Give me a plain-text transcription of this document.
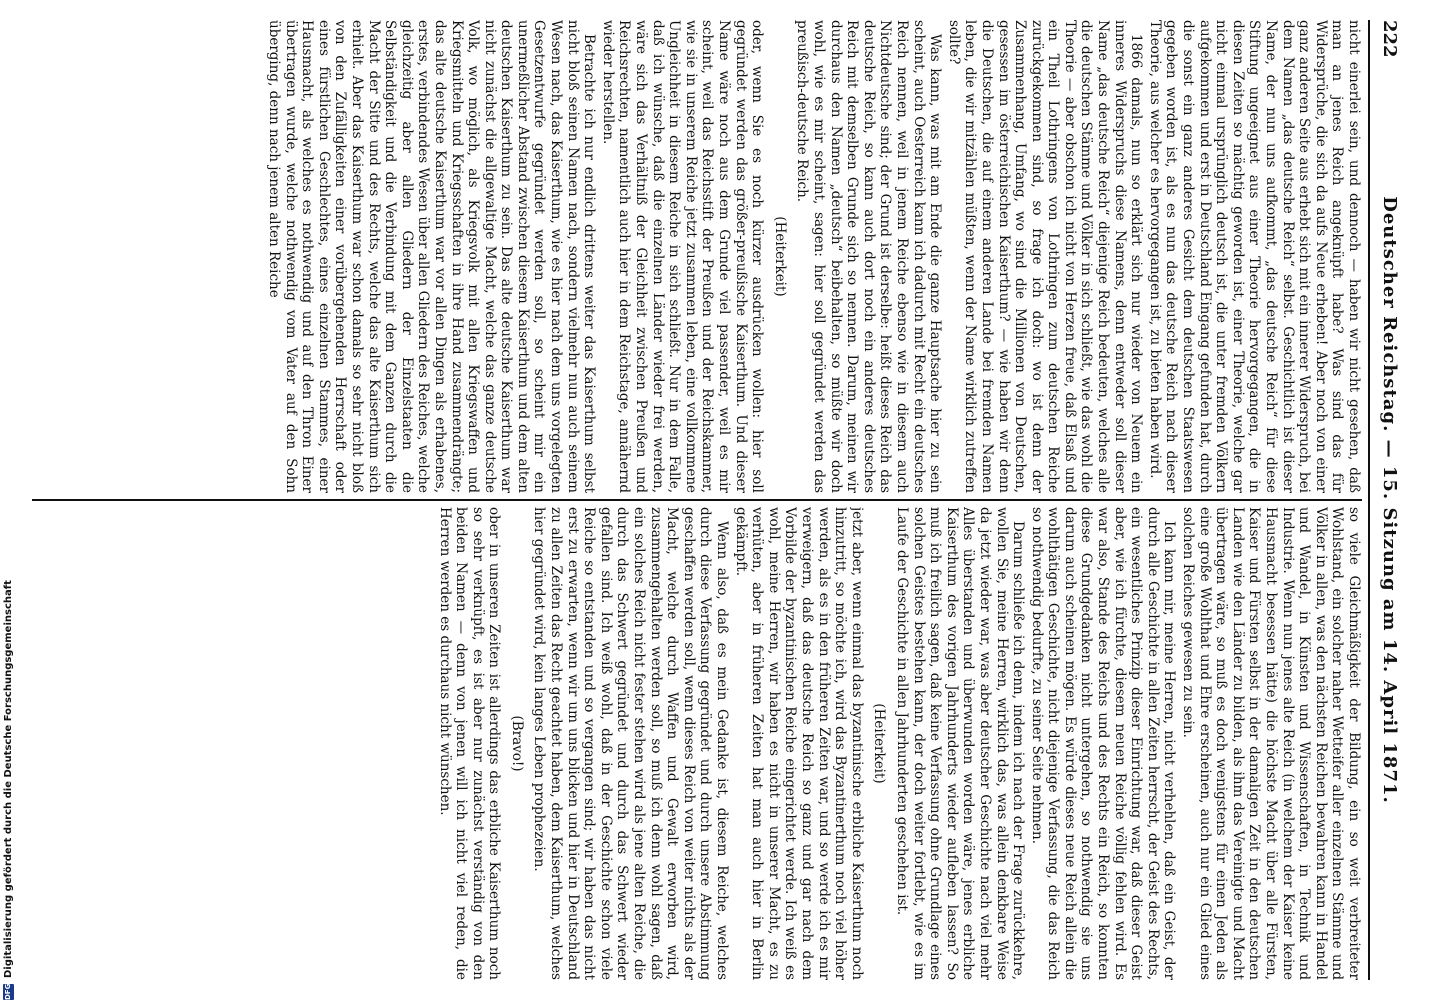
222
Deutscher Reichstag. — 15. Sitzung am 14. April 1871.

nicht einerlei sein, und dennoch — haben wir nicht gesehen, daß man an jenes Reich angeknüpft habe? Was sind das für Widersprüche, die sich da aufs Neue erheben! Aber noch von einer ganz anderen Seite aus erhebt sich mit ein innerer Widerspruch, bei dem Namen „das deutsche Reich“ selbst. Geschichtlich ist dieser Name, der nun uns aufkommt, „das deutsche Reich“ für diese Stiftung ungeeignet aus einer Theorie hervorgegangen, die in diesen Zeiten so mächtig geworden ist, einer Theorie, welche gar nicht einmal ursprünglich deutsch ist, die unter fremden Völkern aufgekommen und erst in Deutschland Eingang gefunden hat, durch die sonst ein ganz anderes Gesicht dem deutschen Staatswesen gegeben worden ist, als es nun das deutsche Reich nach dieser Theorie, aus welcher es hervorgegangen ist, zu bieten haben wird.

1866 damals, nun so erklärt sich nur wieder von Neuem ein inneres Widerspruchs diese Namens, denn entweder soll dieser Name „das deutsche Reich“ diejenige Reich bedeuten, welches alle die deutschen Stämme und Völker in sich schließt, wie das wohl die Theorie — aber obschon ich nicht von Herzen freue, daß Elsaß und ein Theil Lothringens von Lothringen zum deutschen Reiche zurückgekommen sind, so frage ich doch: wo ist denn der Zusammenhang, Umfang, wo sind die Millionen von Deutschen, gesessen im österreichischen Kaiserthum? — wie haben wir denn die Deutschen, die auf einem anderen Lande bei fremden Namen leben, die wir mitzählen müßten, wenn der Name wirklich zutreffen sollte?

Was kann, was mit am Ende die ganze Hauptsache hier zu sein scheint, auch Oesterreich kann ich dadurch mit Recht ein deutsches Reich nennen, weil in jenem Reiche ebenso wie in diesem auch Nichtdeutsche sind; der Grund ist derselbe: heißt dieses Reich das deutsche Reich, so kann auch dort noch ein anderes deutsches Reich mit demselben Grunde sich so nennen. Darum, meinen wir durchaus den Namen „deutsch“ beibehalten, so müßte wir doch wohl, wie es mir scheint, sagen: hier soll gegründet werden das preußisch-deutsche Reich.

(Heiterkeit)

oder, wenn Sie es noch kürzer ausdrücken wollen: hier soll gegründet werden das größer-preußische Kaiserthum. Und dieser Name wäre noch aus dem Grunde viel passender, weil es mir scheint, weil das Reichsstift der Preußen und der Reichskammer, wie sie in unserem Reiche jetzt zusammen leben, eine vollkommene Ungleichheit in diesem Reiche in sich schließt. Nur in dem Falle, daß ich wünsche, daß die einzelnen Länder wieder frei werden, wäre sich das Verhältniß der Gleichheit zwischen Preußen und Reichsrechten, namentlich auch hier in dem Reichstage, annähernd wieder herstellen.

Betrachte ich nur endlich drittens weiter das Kaiserthum selbst nicht bloß seinen Namen nach, sondern vielmehr nun auch seinem Wesen nach, das Kaiserthum, wie es hier nach dem uns vorgelegten Gesetzentwurfe gegründet werden soll, so scheint mir ein unermeßlicher Abstand zwischen diesem Kaiserthum und dem alten deutschen Kaiserthum zu sein. Das alte deutsche Kaiserthum war nicht zunächst die allgewaltige Macht, welche das ganze deutsche Volk, wo möglich, als Kriegsvolk mit allen Kriegswaffen und Kriegsmitteln und Kriegsschaften in ihre Hand zusammendrängte; das alte deutsche Kaiserthum war vor allen Dingen als erhabenes, erstes, verbindendes Wesen über allen Gliedern des Reiches, welche gleichzeitig aber allen Gliedern der Einzelstaaten die Selbständigkeit und die Verbindung mit dem Ganzen durch die Macht der Sitte und des Rechts, welche das alte Kaiserthum sich erhielt. Aber das Kaiserthum war schon damals so sehr nicht bloß von den Zufälligkeiten einer vorübergehenden Herrschaft oder eines fürstlichen Geschlechtes, eines einzelnen Stammes, einer Hausmacht, als welches es nothwendig und auf den Thron Einer übertragen wurde, welche nothwendig vom Vater auf den Sohn überging, denn nach jenem alten Reiche

so viele Gleichmäßigkeit der Bildung, ein so weit verbreiteter Wohlstand, ein solcher naher Wetteifer aller einzelnen Stämme und Völker in allen, was den nächsten Reichen bewahren kann in Handel und Wandel, in Künsten und Wissenschaften, in Technik und Industrie. Wenn nun jenes alte Reich (in welchem der Kaiser keine Hausmacht besessen hätte) die höchste Macht über alle Fürsten, Kaiser und Fürsten selbst in der damaligen Zeit in den deutschen Landen wie den Länder zu bilden, als ihm das Vereinigte und Macht übertragen wäre, so muß es doch wenigstens für einen Jeden als eine große Wohlthat und Ehre erscheinen, auch nur ein Glied eines solchen Reiches gewesen zu sein.

Ich kann mir, meine Herren, nicht verhehlen, daß ein Geist, der durch alle Geschichte in allen Zeiten herrscht, der Geist des Rechts, ein wesentliches Prinzip dieser Einrichtung war, daß dieser Geist aber, wie ich fürchte, diesem neuen Reiche völlig fehlen wird. Es war also, Stande des Reichs und des Rechts ein Reich, so konnten diese Grundgedanken nicht untergehen, so nothwendig sie uns darum auch scheinen mögen. Es würde dieses neue Reich allein die wohlthätigen Geschichte, nicht diejenige Verfassung, die das Reich so nothwendig bedurfte, zu seiner Seite nehmen.

Darum schließe ich denn, indem ich nach der Frage zurückkehre, wollen Sie, meine Herren, wirklich das, was allein denkbare Weise da jetzt wieder war, was aber deutscher Geschichte nach viel mehr Alles überstanden und überwunden worden wäre, jenes erbliche Kaiserthum des vorigen Jahrhunderts wieder aufleben lassen? So muß ich freilich sagen, daß keine Verfassung ohne Grundlage eines solchen Geistes bestehen kann, der doch weiter fortlebt, wie es im Laufe der Geschichte in allen Jahrhunderten geschehen ist.

(Heiterkeit)

jetzt aber, wenn einmal das byzantinische erbliche Kaiserthum noch hinzutritt, so möchte ich, wird das Byzantinerthum noch viel höher werden, als es in den früheren Zeiten war, und so werde ich es mir verweigern, daß das deutsche Reich so ganz und gar nach dem Vorbilde der byzantinischen Reiche eingerichtet werde. Ich weiß es wohl, meine Herren, wir haben es nicht in unserer Macht, es zu verhüten, aber in früheren Zeiten hat man auch hier in Berlin gekämpft.

Wenn also, daß es mein Gedanke ist, diesem Reiche, welches durch diese Verfassung gegründet und durch unsere Abstimmung geschaffen werden soll, wenn dieses Reich von weiter nichts als der Macht, welche durch Waffen und Gewalt erworben wird, zusammengehalten werden soll, so muß ich denn wohl sagen, daß ein solches Reich nicht fester stehen wird als jene alten Reiche, die durch das Schwert gegründet und durch das Schwert wieder gefallen sind. Ich weiß wohl, daß in der Geschichte schon viele Reiche so entstanden und so vergangen sind; wir haben das nicht erst zu erwarten, wenn wir um uns blicken und hier in Deutschland zu allen Zeiten das Recht geachtet haben, dem Kaiserthum, welches hier gegründet wird, kein langes Leben prophezeien.

(Bravo!)

ober in unseren Zeiten ist allerdings das erbliche Kaiserthum noch so sehr verknüpft, es ist aber nur zunächst verständig von den beiden Namen — denn von jenen will ich nicht viel reden, die Herren werden es durchaus nicht wünschen.

DFG
Digitalisierung gefördert durch die Deutsche Forschungsgemeinschaft
